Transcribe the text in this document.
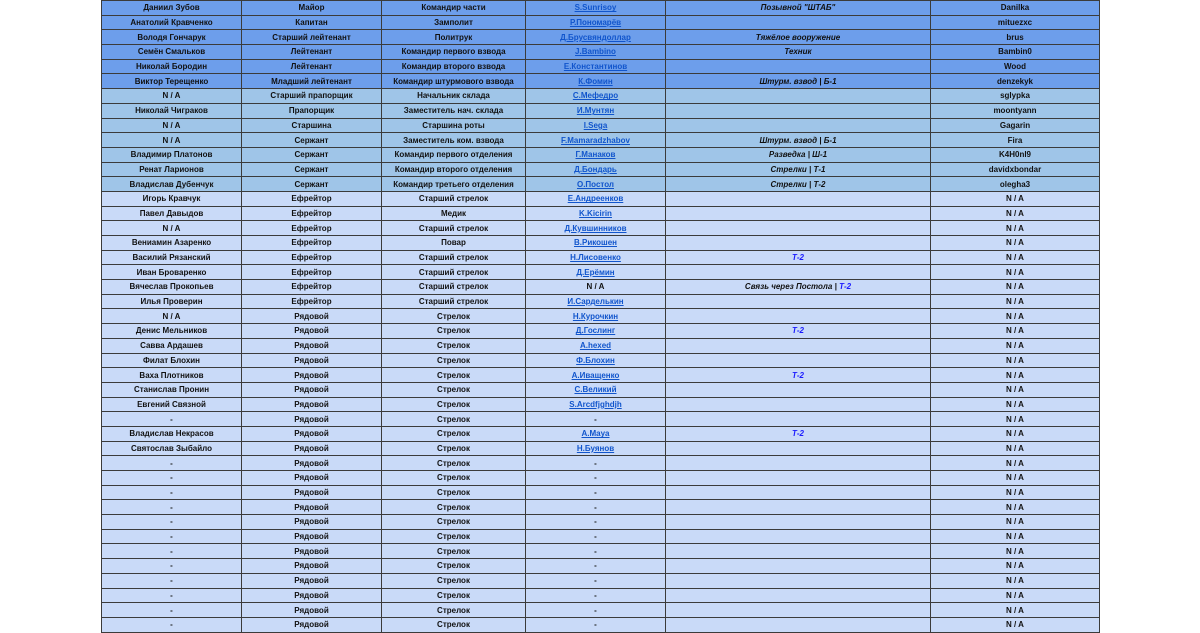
Даниил Зубов	Майор	Командир части	S.Sunrisoy	Позывной "ШТАБ"	Danilka
Анатолий Кравченко	Капитан	Замполит	Р.Пономарёв		mituezxc
Володя Гончарук	Старший лейтенант	Политрук	Д.Брусвяндоллар	Тяжёлое вооружение	brus
Семён Смальков	Лейтенант	Командир первого взвода	J.Bambino	Техник	Bambin0
Николай Бородин	Лейтенант	Командир второго взвода	Е.Константинов		Wood
Виктор Терещенко	Младший лейтенант	Командир штурмового взвода	К.Фомин	Штурм. взвод | Б-1	denzekyk
N / A	Старший прапорщик	Начальник склада	С.Мефедро		sglypka
Николай Чиграков	Прапорщик	Заместитель нач. склада	И.Мунтян		moontyann
N / A	Старшина	Старшина роты	I.Sega		Gagarin
N / A	Сержант	Заместитель ком. взвода	F.Mamaradzhabov	Штурм. взвод | Б-1	Fira
Владимир Платонов	Сержант	Командир первого отделения	Г.Манаков	Разведка | Ш-1	K4H0nl9
Ренат Ларионов	Сержант	Командир второго отделения	Д.Бондарь	Стрелки | Т-1	davidxbondar
Владислав Дубенчук	Сержант	Командир третьего отделения	О.Постол	Стрелки | Т-2	olegha3
Игорь Кравчук	Ефрейтор	Старший стрелок	Е.Андреенков		N / A
Павел Давыдов	Ефрейтор	Медик	K.Kicirin		N / A
N / A	Ефрейтор	Старший стрелок	Д.Кувшинников		N / A
Вениамин Азаренко	Ефрейтор	Повар	В.Рикошен		N / A
Василий Рязанский	Ефрейтор	Старший стрелок	Н.Лисовенко	Т-2	N / A
Иван Броваренко	Ефрейтор	Старший стрелок	Д.Ерёмин		N / A
Вячеслав Прокопьев	Ефрейтор	Старший стрелок	N / A	Связь через Постола | Т-2	N / A
Илья Проверин	Ефрейтор	Старший стрелок	И.Сарделькин		N / A
N / A	Рядовой	Стрелок	Н.Курочкин		N / A
Денис Мельников	Рядовой	Стрелок	Д.Гослинг	Т-2	N / A
Савва Ардашев	Рядовой	Стрелок	A.hexed		N / A
Филат Блохин	Рядовой	Стрелок	Ф.Блохин		N / A
Ваха Плотников	Рядовой	Стрелок	А.Иващенко	Т-2	N / A
Станислав Пронин	Рядовой	Стрелок	С.Великий		N / A
Евгений Связной	Рядовой	Стрелок	S.Arcdfjghdjh		N / A
-	Рядовой	Стрелок	-		N / A
Владислав Некрасов	Рядовой	Стрелок	A.Maya	Т-2	N / A
Святослав Зыбайло	Рядовой	Стрелок	Н.Буянов		N / A
-	Рядовой	Стрелок	-		N / A
-	Рядовой	Стрелок	-		N / A
-	Рядовой	Стрелок	-		N / A
-	Рядовой	Стрелок	-		N / A
-	Рядовой	Стрелок	-		N / A
-	Рядовой	Стрелок	-		N / A
-	Рядовой	Стрелок	-		N / A
-	Рядовой	Стрелок	-		N / A
-	Рядовой	Стрелок	-		N / A
-	Рядовой	Стрелок	-		N / A
-	Рядовой	Стрелок	-		N / A
-	Рядовой	Стрелок	-		N / A
